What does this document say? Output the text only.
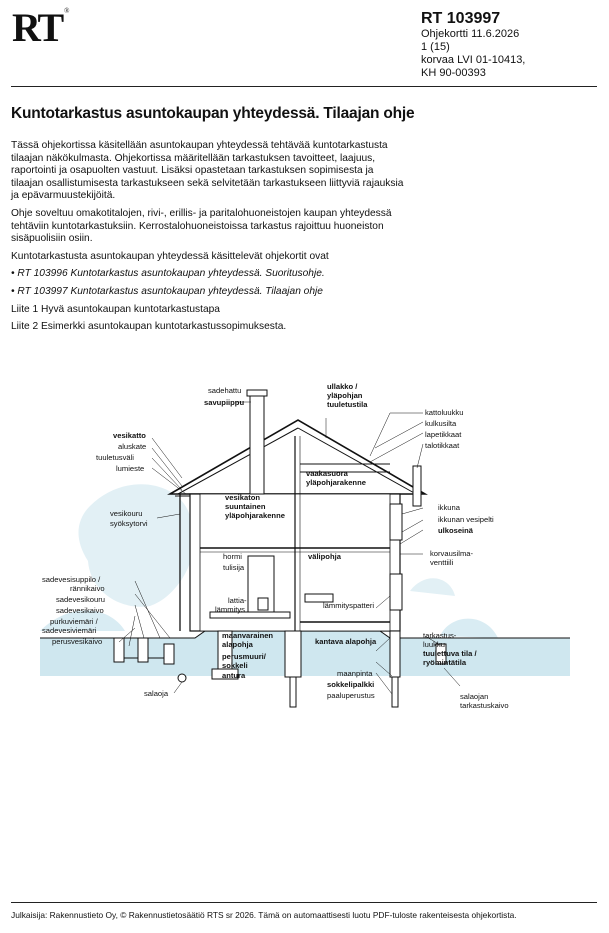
RT ®	RT 103997
Ohjekortti 11.6.2026
1 (15)
korvaa LVI 01-10413,
KH 90-00393
Kuntotarkastus asuntokaupan yhteydessä. Tilaajan ohje

Tässä ohjekortissa käsitellään asuntokaupan yhteydessä tehtävää kuntotarkastusta tilaajan näkökulmasta. Ohjekortissa määritellään tarkastuksen tavoitteet, laajuus, raportointi ja osapuolten vastuut. Lisäksi opastetaan tarkastuksen sopimisesta ja tilaajan osallistumisesta tarkastukseen sekä selvitetään tarkastukseen liittyviä rajauksia ja epävarmuustekijöitä.

Ohje soveltuu omakotitalojen, rivi-, erillis- ja paritalohuoneistojen kaupan yhteydessä tehtäviin kuntotarkastuksiin. Kerrostalohuoneistoissa tarkastus rajoittuu huoneiston sisäpuolisiin osiin.

Kuntotarkastusta asuntokaupan yhteydessä käsittelevät ohjekortit ovat

• RT 103996 Kuntotarkastus asuntokaupan yhteydessä. Suoritusohje.

• RT 103997 Kuntotarkastus asuntokaupan yhteydessä. Tilaajan ohje

Liite 1 Hyvä asuntokaupan kuntotarkastustapa

Liite 2 Esimerkki asuntokaupan kuntotarkastussopimuksesta.

sadehattu
savupiippu
ullakko /
yläpohjan
tuuletustila
kattoluukku
kulkusilta
lapetikkaat
talotikkaat
vesikatto
aluskate
tuuletusväli
lumieste
vaakasuora
yläpohjarakenne
vesikaton
suuntainen
yläpohjarakenne
ikkuna
ikkunan vesipelti
ulkoseinä
vesikouru
syöksytorvi
hormi
tulisija
välipohja	korvausilma-
venttiili
sadevesisuppilo /
rännikaivo
sadevesikouru
sadevesikaivo
purkuviemäri /
sadevesiviemäri
perusvesikaivo
lattia-
lämmitys	lämmityspatteri
maanvarainen
alapohja
perusmuuri/
sokkeli
antura
kantava alapohja
tarkastus-
luukku
tuulettuva tila /
ryömintätila
maanpinta
sokkelipalkki
paaluperustus
salaoja	salaojan
tarkastuskaivo
Julkaisija: Rakennustieto Oy, © Rakennustietosäätiö RTS sr 2026. Tämä on automaattisesti luotu PDF-tuloste rakenteisesta ohjekortista.
